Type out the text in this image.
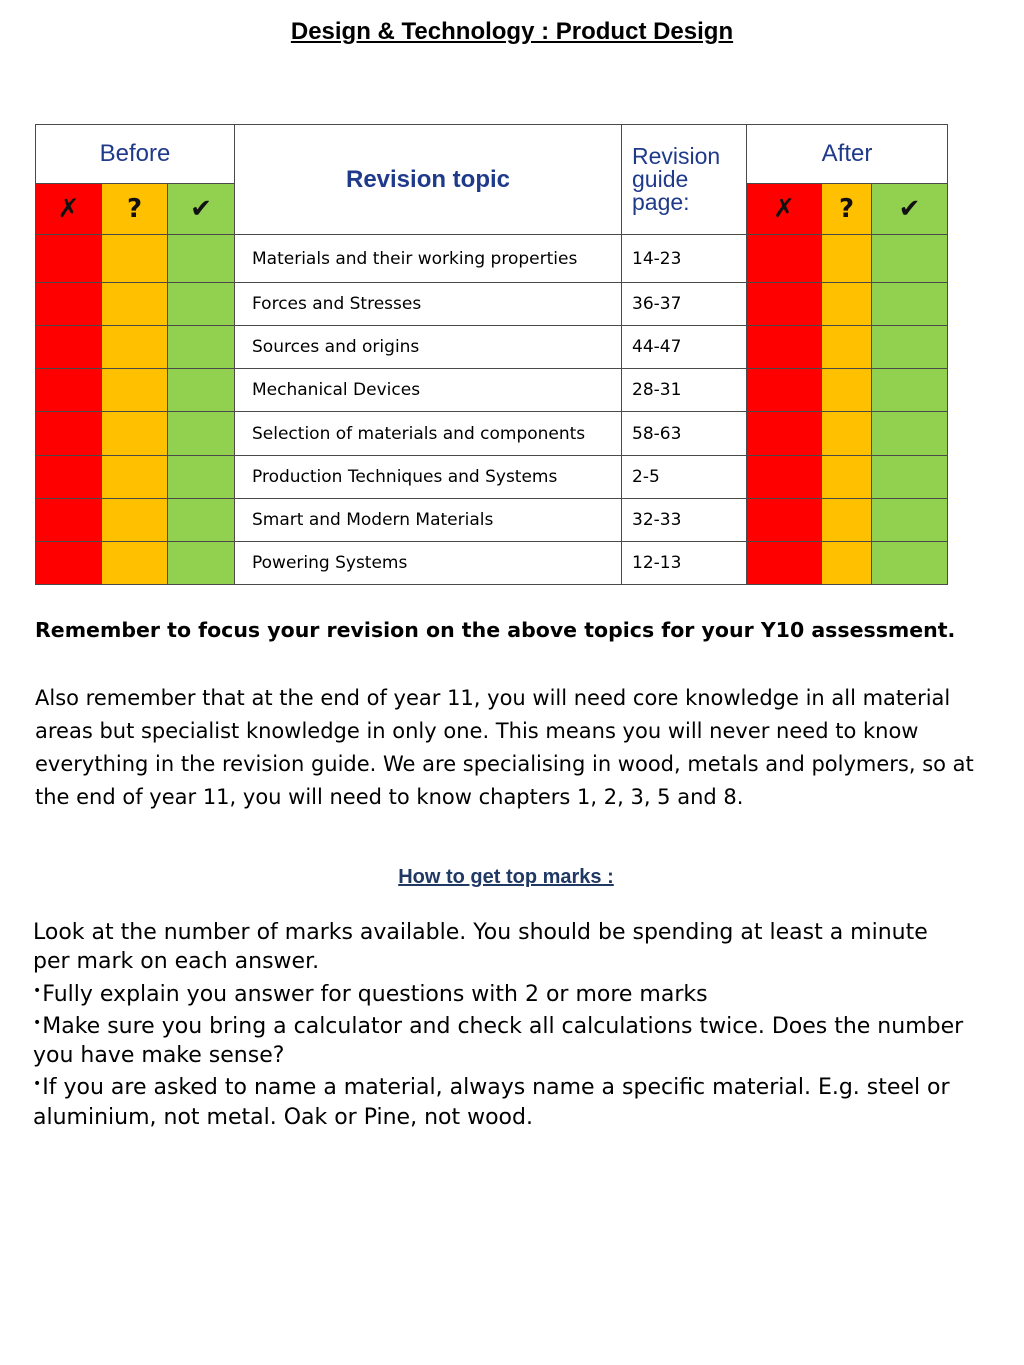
Design & Technology : Product Design
Before			Revision topic	Revision
guide
page:	After		
✗	?	✔			✗	?	✔
			Materials and their working properties	14-23			
			Forces and Stresses	36-37			
			Sources and origins	44-47			
			Mechanical Devices	28-31			
			Selection of materials and components	58-63			
			Production Techniques and Systems	2-5			
			Smart and Modern Materials	32-33			
			Powering Systems	12-13			
Remember to focus your revision on the above topics for your Y10 assessment.
Also remember that at the end of year 11, you will need core knowledge in all material areas but specialist knowledge in only one. This means you will never need to know everything in the revision guide. We are specialising in wood, metals and polymers, so at the end of year 11, you will need to know chapters 1, 2, 3, 5 and 8.
How to get top marks :
Look at the number of marks available. You should be spending at least a minute per mark on each answer.
•Fully explain you answer for questions with 2 or more marks
•Make sure you bring a calculator and check all calculations twice. Does the number you have make sense?
•If you are asked to name a material, always name a specific material. E.g. steel or aluminium, not metal. Oak or Pine, not wood.
